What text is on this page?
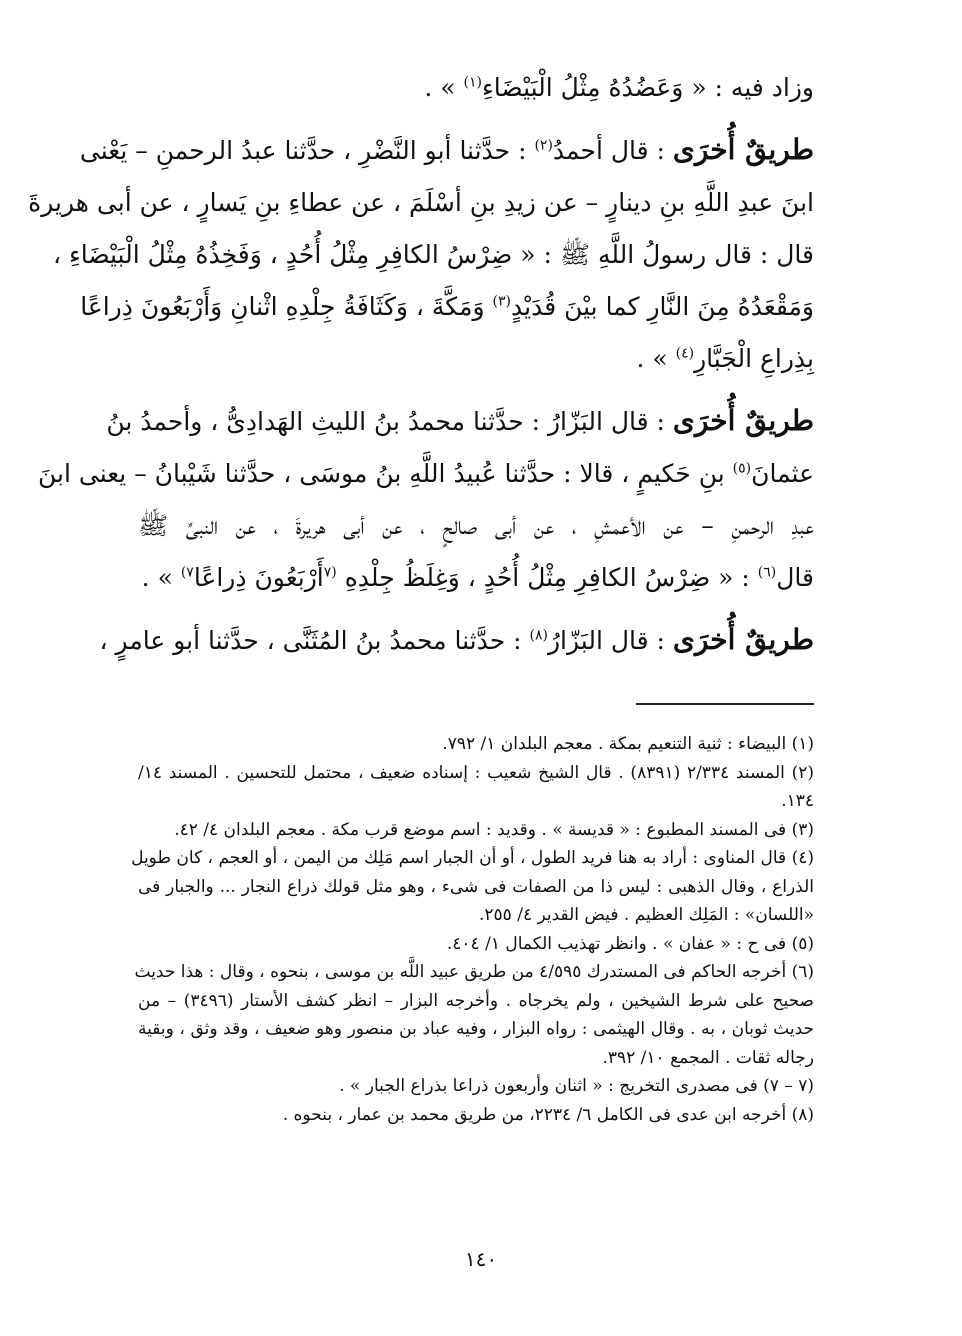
وزاد فيه : « وَعَضُدُهُ مِثْلُ الْبَيْضَاءِ$^{(١)}$ » .
طريقٌ أُخرَى : قال أحمدُ$^{(٢)}$ : حدَّثنا أبو النَّضْرِ ، حدَّثنا عبدُ الرحمنِ – يَعْنى
ابنَ عبدِ اللَّهِ بنِ دينارٍ – عن زيدِ بنِ أسْلَمَ ، عن عطاءِ بنِ يَسارٍ ، عن أبى هريرةَ
قال : قال رسولُ اللَّهِ ﷺ : « ضِرْسُ الكافِرِ مِثْلُ أُحُدٍ ، وَفَخِذُهُ مِثْلُ الْبَيْضَاءِ ،
وَمَقْعَدُهُ مِنَ النَّارِ كما بيْنَ قُدَيْدٍ$^{(٣)}$ وَمَكَّةَ ، وَكَثَافَةُ جِلْدِهِ اثْنانِ وَأَرْبَعُونَ ذِراعًا
بِذِراعِ الْجَبَّارِ$^{(٤)}$ » .
طريقٌ أُخرَى : قال البَزّارُ : حدَّثنا محمدُ بنُ الليثِ الهَدادِىُّ ، وأحمدُ بنُ
عثمانَ$^{(٥)}$ بنِ حَكيمٍ ، قالا : حدَّثنا عُبيدُ اللَّهِ بنُ موسَى ، حدَّثنا شَيْبانُ – يعنى ابنَ
عبدِ الرحمنِ – عن الأعمشِ ، عن أبى صالحٍ ، عن أبى هريرةَ ، عن النبىِّ ﷺ
قال$^{(٦)}$ : « ضِرْسُ الكافِرِ مِثْلُ أُحُدٍ ، وَغِلَظُ جِلْدِهِ $^{(٧}$أَرْبَعُونَ ذِراعًا$^{٧)}$ » .
طريقٌ أُخرَى : قال البَزّارُ$^{(٨)}$ : حدَّثنا محمدُ بنُ المُثَنَّى ، حدَّثنا أبو عامرٍ ،
(١) البيضاء : ثنية التنعيم بمكة . معجم البلدان ١/ ٧٩٢.
(٢) المسند ٢/٣٣٤ (٨٣٩١) . قال الشيخ شعيب : إسناده ضعيف ، محتمل للتحسين . المسند ١٤/
١٣٤.
(٣) فى المسند المطبوع : « قديسة » . وقديد : اسم موضع قرب مكة . معجم البلدان ٤/ ٤٢.
(٤) قال المناوى : أراد به هنا فريد الطول ، أو أن الجبار اسم مَلِك من اليمن ، أو العجم ، كان طويل
الذراع ، وقال الذهبى : ليس ذا من الصفات فى شىء ، وهو مثل قولك ذراع النجار ... والجبار فى
«اللسان» : المَلِك العظيم . فيض القدير ٤/ ٢٥٥.
(٥) فى ح : « عفان » . وانظر تهذيب الكمال ١/ ٤٠٤.
(٦) أخرجه الحاكم فى المستدرك ٤/٥٩٥ من طريق عبيد اللَّه بن موسى ، بنحوه ، وقال : هذا حديث
صحيح على شرط الشيخين ، ولم يخرجاه . وأخرجه البزار – انظر كشف الأستار (٣٤٩٦) – من
حديث ثوبان ، به . وقال الهيثمى : رواه البزار ، وفيه عباد بن منصور وهو ضعيف ، وقد وثق ، وبقية
رجاله ثقات . المجمع ١٠/ ٣٩٢.
(٧ – ٧) فى مصدرى التخريج : « اثنان وأربعون ذراعا بذراع الجبار » .
(٨) أخرجه ابن عدى فى الكامل ٦/ ٢٢٣٤، من طريق محمد بن عمار ، بنحوه .
١٤٠
